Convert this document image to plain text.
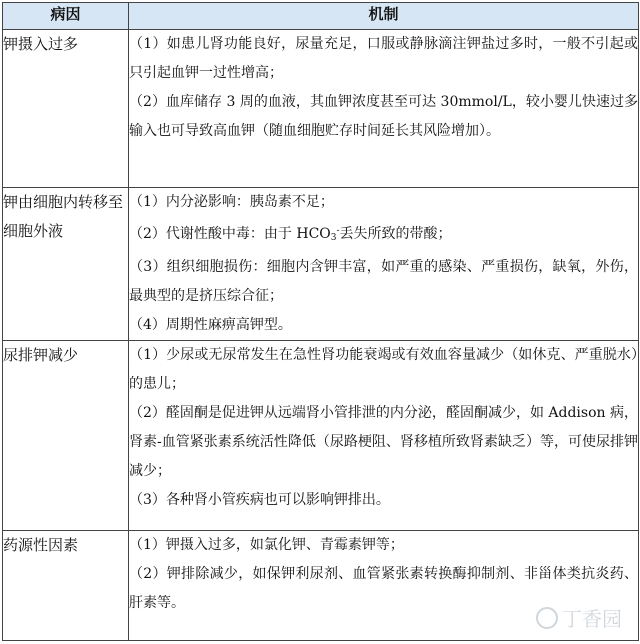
病因	机制
钾摄入过多	（1）如患儿肾功能良好，尿量充足，口服或静脉滴注钾盐过多时，一般不引起或只引起血钾一过性增高；

（2）血库储存 3 周的血液，其血钾浓度甚至可达 30mmol/L，较小婴儿快速过多输入也可导致高血钾（随血细胞贮存时间延长其风险增加）。

钾由细胞内转移至细胞外液	（1）内分泌影响：胰岛素不足；

（2）代谢性酸中毒：由于 $HCO_3^-$丢失所致的带酸；

（3）组织细胞损伤：细胞内含钾丰富，如严重的感染、严重损伤，缺氧，外伤，最典型的是挤压综合征；

（4）周期性麻痹高钾型。

尿排钾减少	（1）少尿或无尿常发生在急性肾功能衰竭或有效血容量减少（如休克、严重脱水）的患儿；

（2）醛固酮是促进钾从远端肾小管排泄的内分泌，醛固酮减少，如 Addison 病，肾素-血管紧张素系统活性降低（尿路梗阻、肾移植所致肾素缺乏）等，可使尿排钾减少；

（3）各种肾小管疾病也可以影响钾排出。

药源性因素	（1）钾摄入过多，如氯化钾、青霉素钾等；

（2）钾排除减少，如保钾利尿剂、血管紧张素转换酶抑制剂、非甾体类抗炎药、肝素等。

丁香园
